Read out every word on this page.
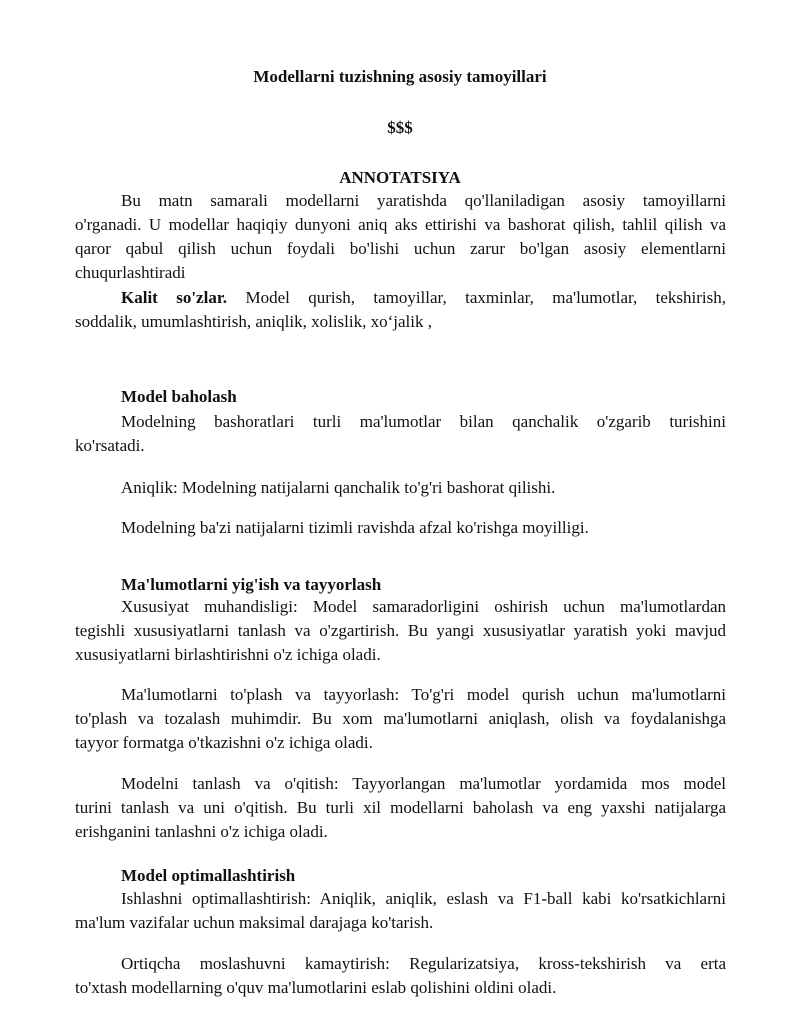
Modellarni tuzishning asosiy tamoyillari
$$$
ANNOTATSIYA
Bu matn samarali modellarni yaratishda qo'llaniladigan asosiy tamoyillarni
o'rganadi. U modellar haqiqiy dunyoni aniq aks ettirishi va bashorat qilish, tahlil qilish va
qaror qabul qilish uchun foydali bo'lishi uchun zarur bo'lgan asosiy elementlarni
chuqurlashtiradi
Kalit so'zlar. Model qurish, tamoyillar, taxminlar, ma'lumotlar, tekshirish,
soddalik, umumlashtirish, aniqlik, xolislik, xo‘jalik ,
Model baholash
Modelning bashoratlari turli ma'lumotlar bilan qanchalik o'zgarib turishini
ko'rsatadi.
Aniqlik: Modelning natijalarni qanchalik to'g'ri bashorat qilishi.
Modelning ba'zi natijalarni tizimli ravishda afzal ko'rishga moyilligi.
Ma'lumotlarni yig'ish va tayyorlash
Xususiyat muhandisligi: Model samaradorligini oshirish uchun ma'lumotlardan
tegishli xususiyatlarni tanlash va o'zgartirish. Bu yangi xususiyatlar yaratish yoki mavjud
xususiyatlarni birlashtirishni o'z ichiga oladi.
Ma'lumotlarni to'plash va tayyorlash: To'g'ri model qurish uchun ma'lumotlarni
to'plash va tozalash muhimdir. Bu xom ma'lumotlarni aniqlash, olish va foydalanishga
tayyor formatga o'tkazishni o'z ichiga oladi.
Modelni tanlash va o'qitish: Tayyorlangan ma'lumotlar yordamida mos model
turini tanlash va uni o'qitish. Bu turli xil modellarni baholash va eng yaxshi natijalarga
erishganini tanlashni o'z ichiga oladi.
Model optimallashtirish
Ishlashni optimallashtirish: Aniqlik, aniqlik, eslash va F1-ball kabi ko'rsatkichlarni
ma'lum vazifalar uchun maksimal darajaga ko'tarish.
Ortiqcha moslashuvni kamaytirish: Regularizatsiya, kross-tekshirish va erta
to'xtash modellarning o'quv ma'lumotlarini eslab qolishini oldini oladi.
